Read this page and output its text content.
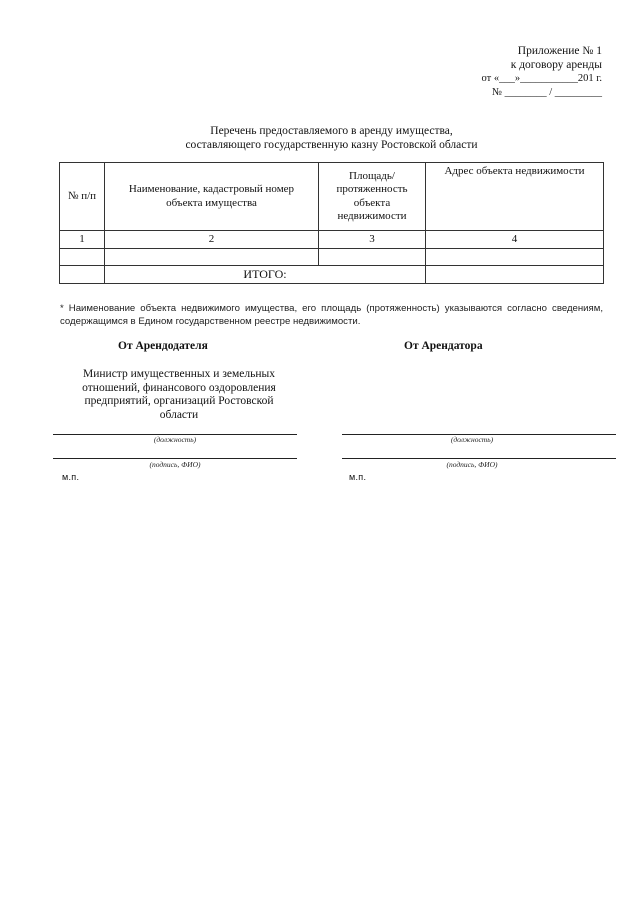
Приложение № 1
к договору аренды
от «___»___________201 г.
№ ________ / _________
Перечень предоставляемого в аренду имущества,
составляющего государственную казну Ростовской области
№ п/п	Наименование, кадастровый номер объекта имущества	Площадь/ протяженность объекта недвижимости	Адрес объекта недвижимости
1	2	3	4

	ИТОГО:		
* Наименование объекта недвижимого имущества, его площадь (протяженность) указываются согласно сведениям, содержащимся в Едином государственном реестре недвижимости.
От Арендодателя	От Арендатора
Министр имущественных и земельных отношений, финансового оздоровления предприятий, организаций Ростовской области
(должность)
(подпись, ФИО)
м.п.
(должность)
(подпись, ФИО)
м.п.
